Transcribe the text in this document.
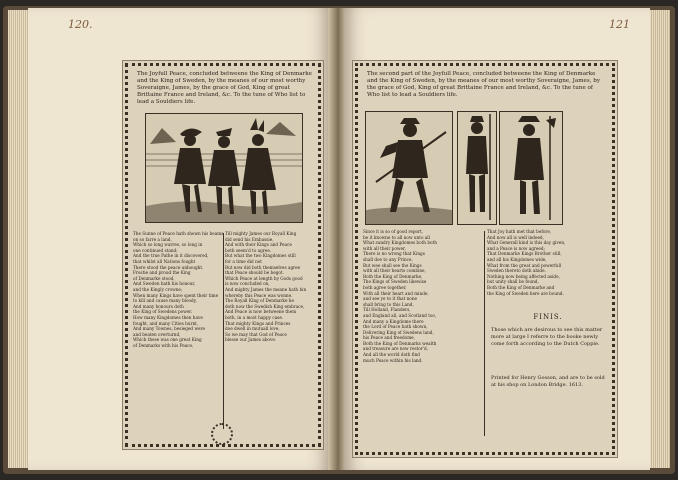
120.
The Joyfull Peace, concluded betweene the King of Denmarke and the King of Sweden, by the meanes of our most worthy Soveraigne, James, by the grace of God, King of great Brittaine France and Ireland, &c. To the tune of Who list to lead a Souldiers life.
The Sunne of Peace hath shewn his beams
on so farre a land,
Which so long warres, so long in
one continued stand;
And the true Pathe in it discovered,
that whilst all Nations fought
There stood the peace unbought.
Frostie and proud the King
of Denmarke stood,
And Sweden hath his honour,
and the Kingly crowne;
When many Kings have spent their time
to kill and cause many bloody,
And many honours doth
the King of Swedens power.
How many Kingdomes then have
fought, and many Cities burnt,
And many Townes, besieged were
and beaten overturnd,
Which these was one great King
of Denmarks with his Peace,
Till mighty James our Royall King
did send his Embassie,
And with their Kings and Peace
both seem'd to agree.
But what the two Kingdomes still
for a time did not
But now did both themselves agree
that Peace should be begot.
Which Peace at length by Gods good
is now concluded on,
And mighty James the meane hath bin
whereby this Peace was wonne.
The Royall King of Denmarke he
doth now the Swedish King embrace,
And Peace is now betweene them
both, in a most happy case.
That mighty Kings and Princes
doe dwell in mutuall love,
So we may that God of Peace
blesse our James above.
121
The second part of the Joyfull Peace, concluded betweene the King of Denmarke and the King of Sweden, by the meanes of our most worthy Soveraigne, James, by the grace of God, King of great Brittaine France and Ireland, &c. To the tune of Who list to lead a Souldiers life.
Since it is so of good report,
be it knowne to all now unto all
What sundry Kingdomes both both
with all their power,
There is no wrong that Kings
shall doe to any Prince,
But wee shall see the Kings
with all their hearts combine,
Both the King of Denmarke,
The Kings of Sweden likewise
both agree together,
With all their heart and minde,
and see ye to it that none
shall bring to this Land,
Till Holland, Flanders,
and England all, and Scotland too,
And many a Kingdome there
the Lord of Peace hath shown,
Delivering King of Swedens land,
his Peace and freedome,
Both the King of Denmarks wealth
and treasure are now restor'd,
And all the world doth find
much Peace within his land.
That Joy hath met that before,
And now all is well indeed,
What Generall kind is this day given,
and a Peace is now agreed;
That Denmarke Kings Brother still,
and all his Kingdomes wide,
What from the great and powerfull
Sweden thereto doth abide.
Nothing now being affected aside,
but unity shall be found,
Both the King of Denmarke and
the King of Sweden here are bound.
FINIS.
Those which are desirous to see this matter more at large I referre to the booke newly come forth according to the Dutch Coppie.
Printed for Henry Gosson, and are to be sold at his shop on London Bridge. 1613.
